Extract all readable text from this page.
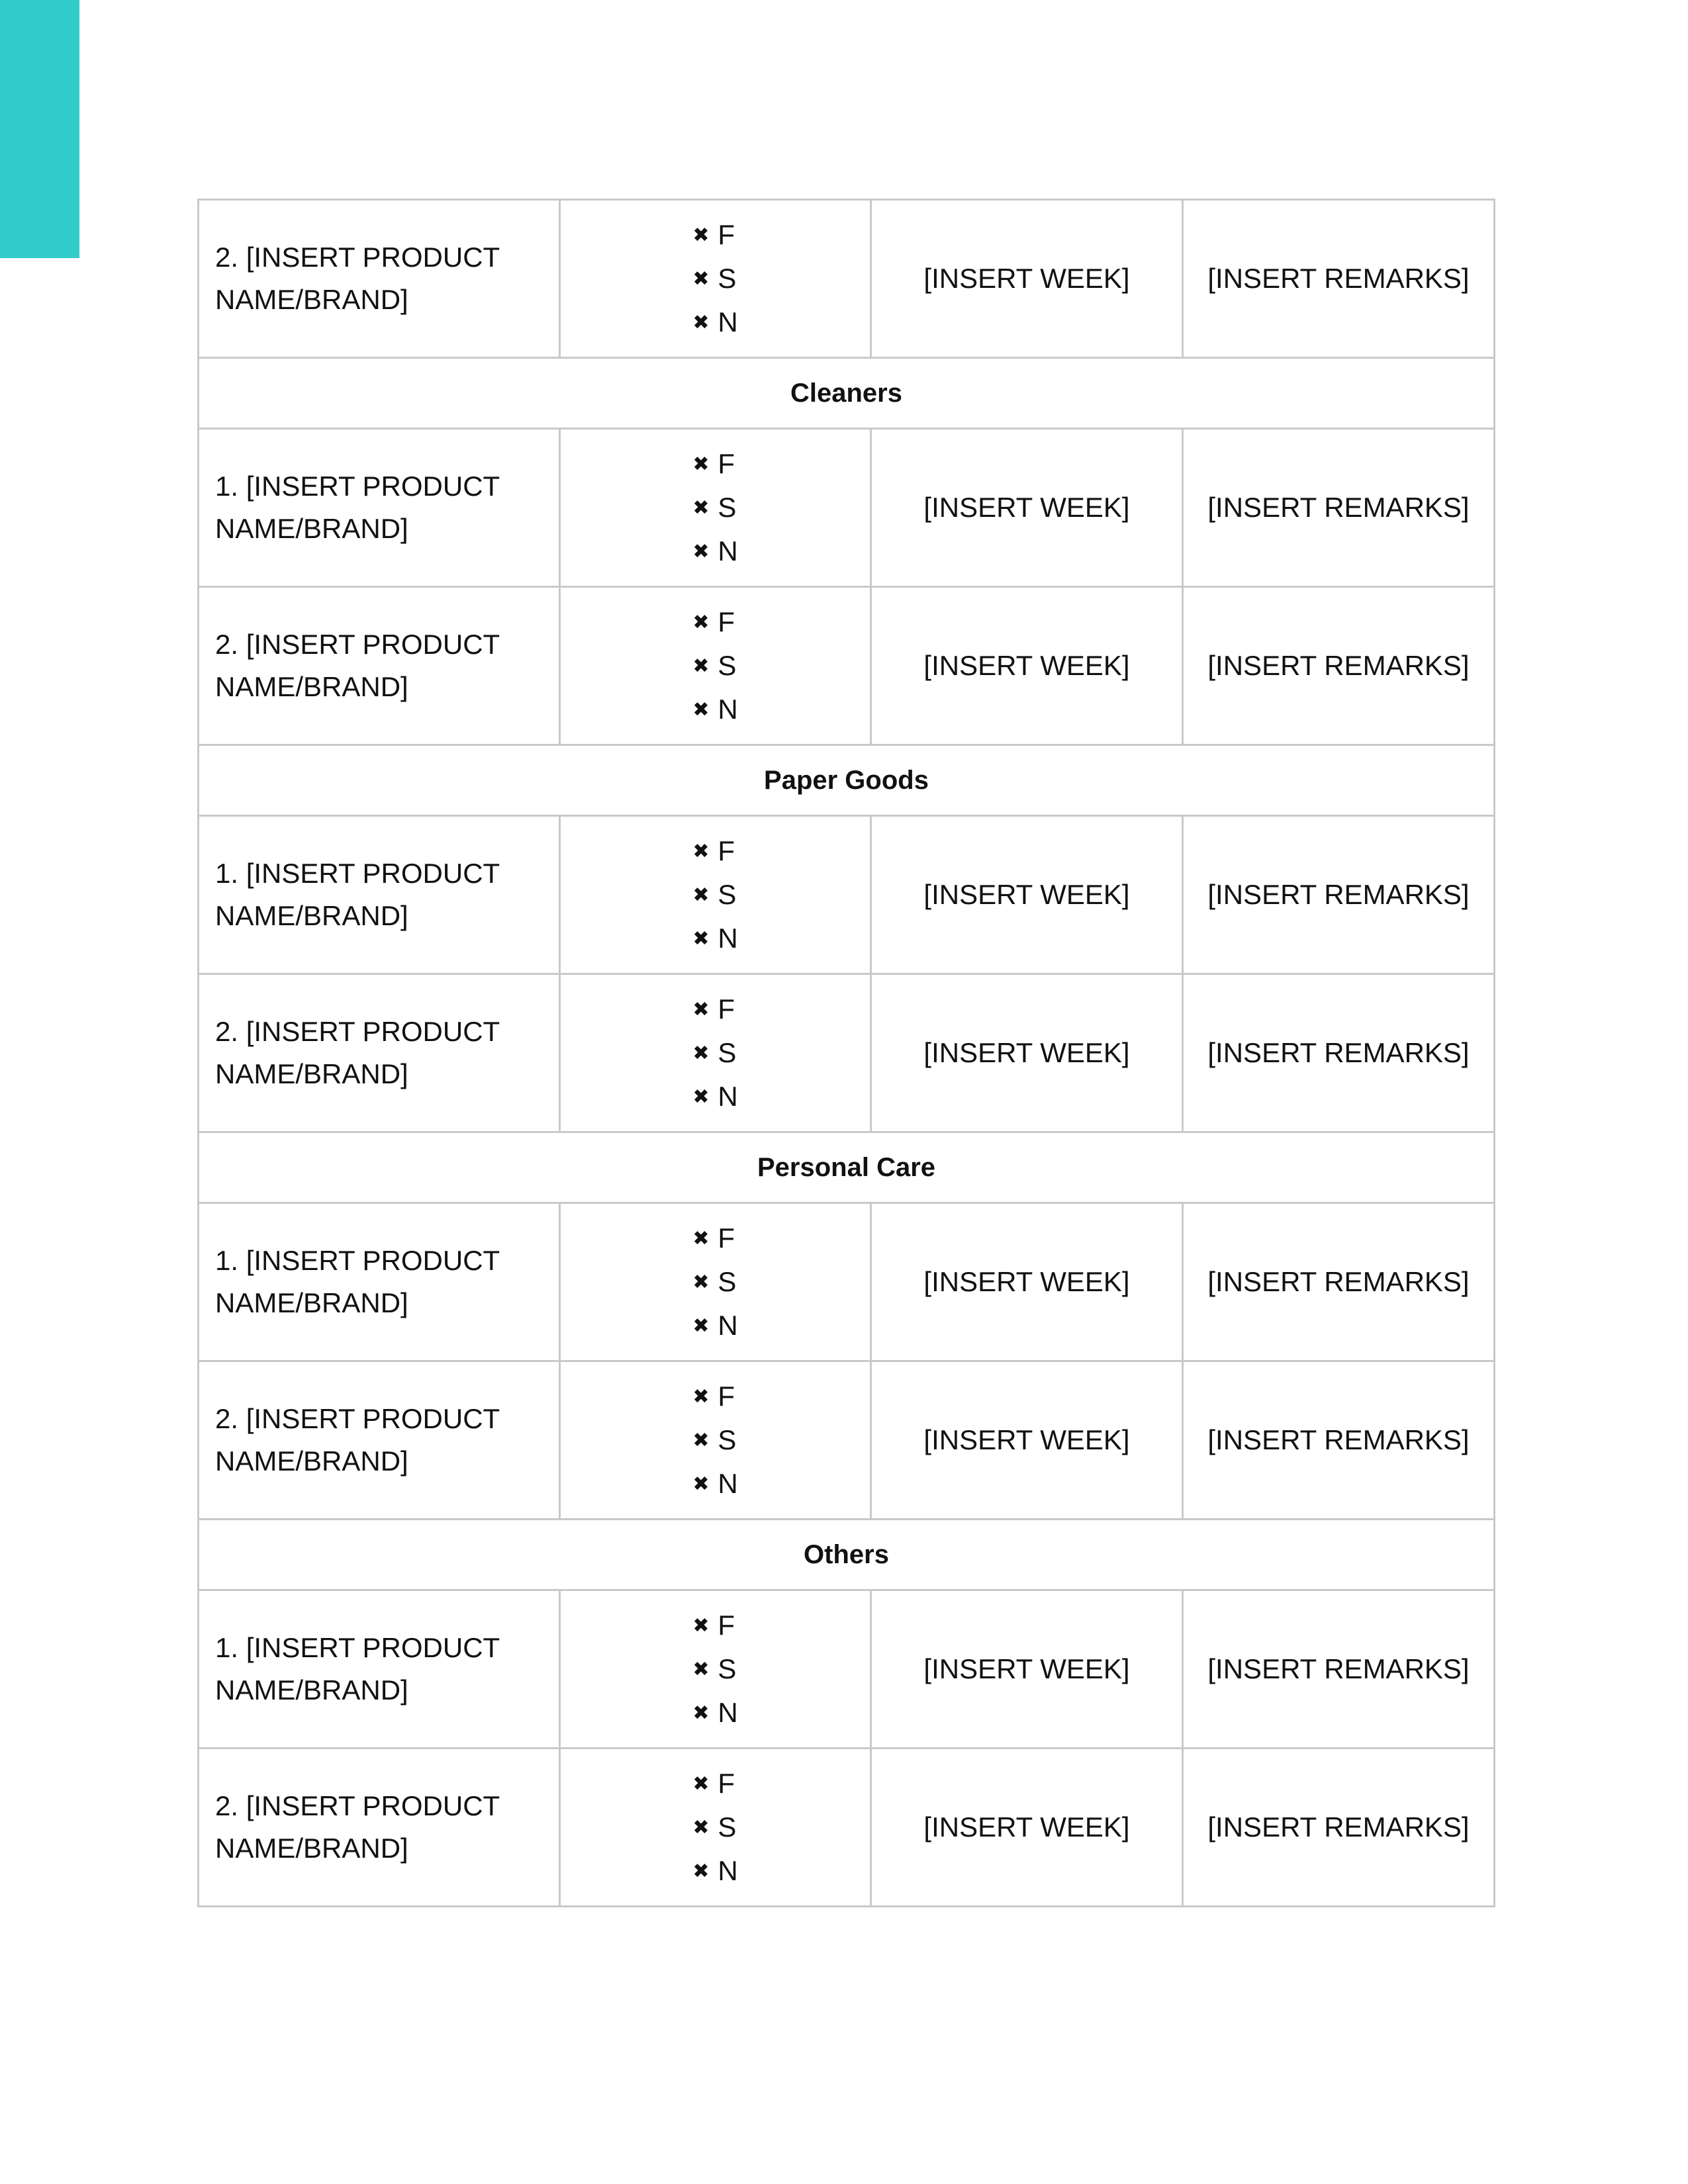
2. [INSERT PRODUCT NAME/BRAND]	✖ F
✖ S
✖ N	[INSERT WEEK]	[INSERT REMARKS]
Cleaners			

1. [INSERT PRODUCT NAME/BRAND]	✖ F
✖ S
✖ N	[INSERT WEEK]	[INSERT REMARKS]

2. [INSERT PRODUCT NAME/BRAND]	✖ F
✖ S
✖ N	[INSERT WEEK]	[INSERT REMARKS]
Paper Goods			

1. [INSERT PRODUCT NAME/BRAND]	✖ F
✖ S
✖ N	[INSERT WEEK]	[INSERT REMARKS]

2. [INSERT PRODUCT NAME/BRAND]	✖ F
✖ S
✖ N	[INSERT WEEK]	[INSERT REMARKS]
Personal Care			

1. [INSERT PRODUCT NAME/BRAND]	✖ F
✖ S
✖ N	[INSERT WEEK]	[INSERT REMARKS]

2. [INSERT PRODUCT NAME/BRAND]	✖ F
✖ S
✖ N	[INSERT WEEK]	[INSERT REMARKS]
Others			

1. [INSERT PRODUCT NAME/BRAND]	✖ F
✖ S
✖ N	[INSERT WEEK]	[INSERT REMARKS]

2. [INSERT PRODUCT NAME/BRAND]	✖ F
✖ S
✖ N	[INSERT WEEK]	[INSERT REMARKS]
